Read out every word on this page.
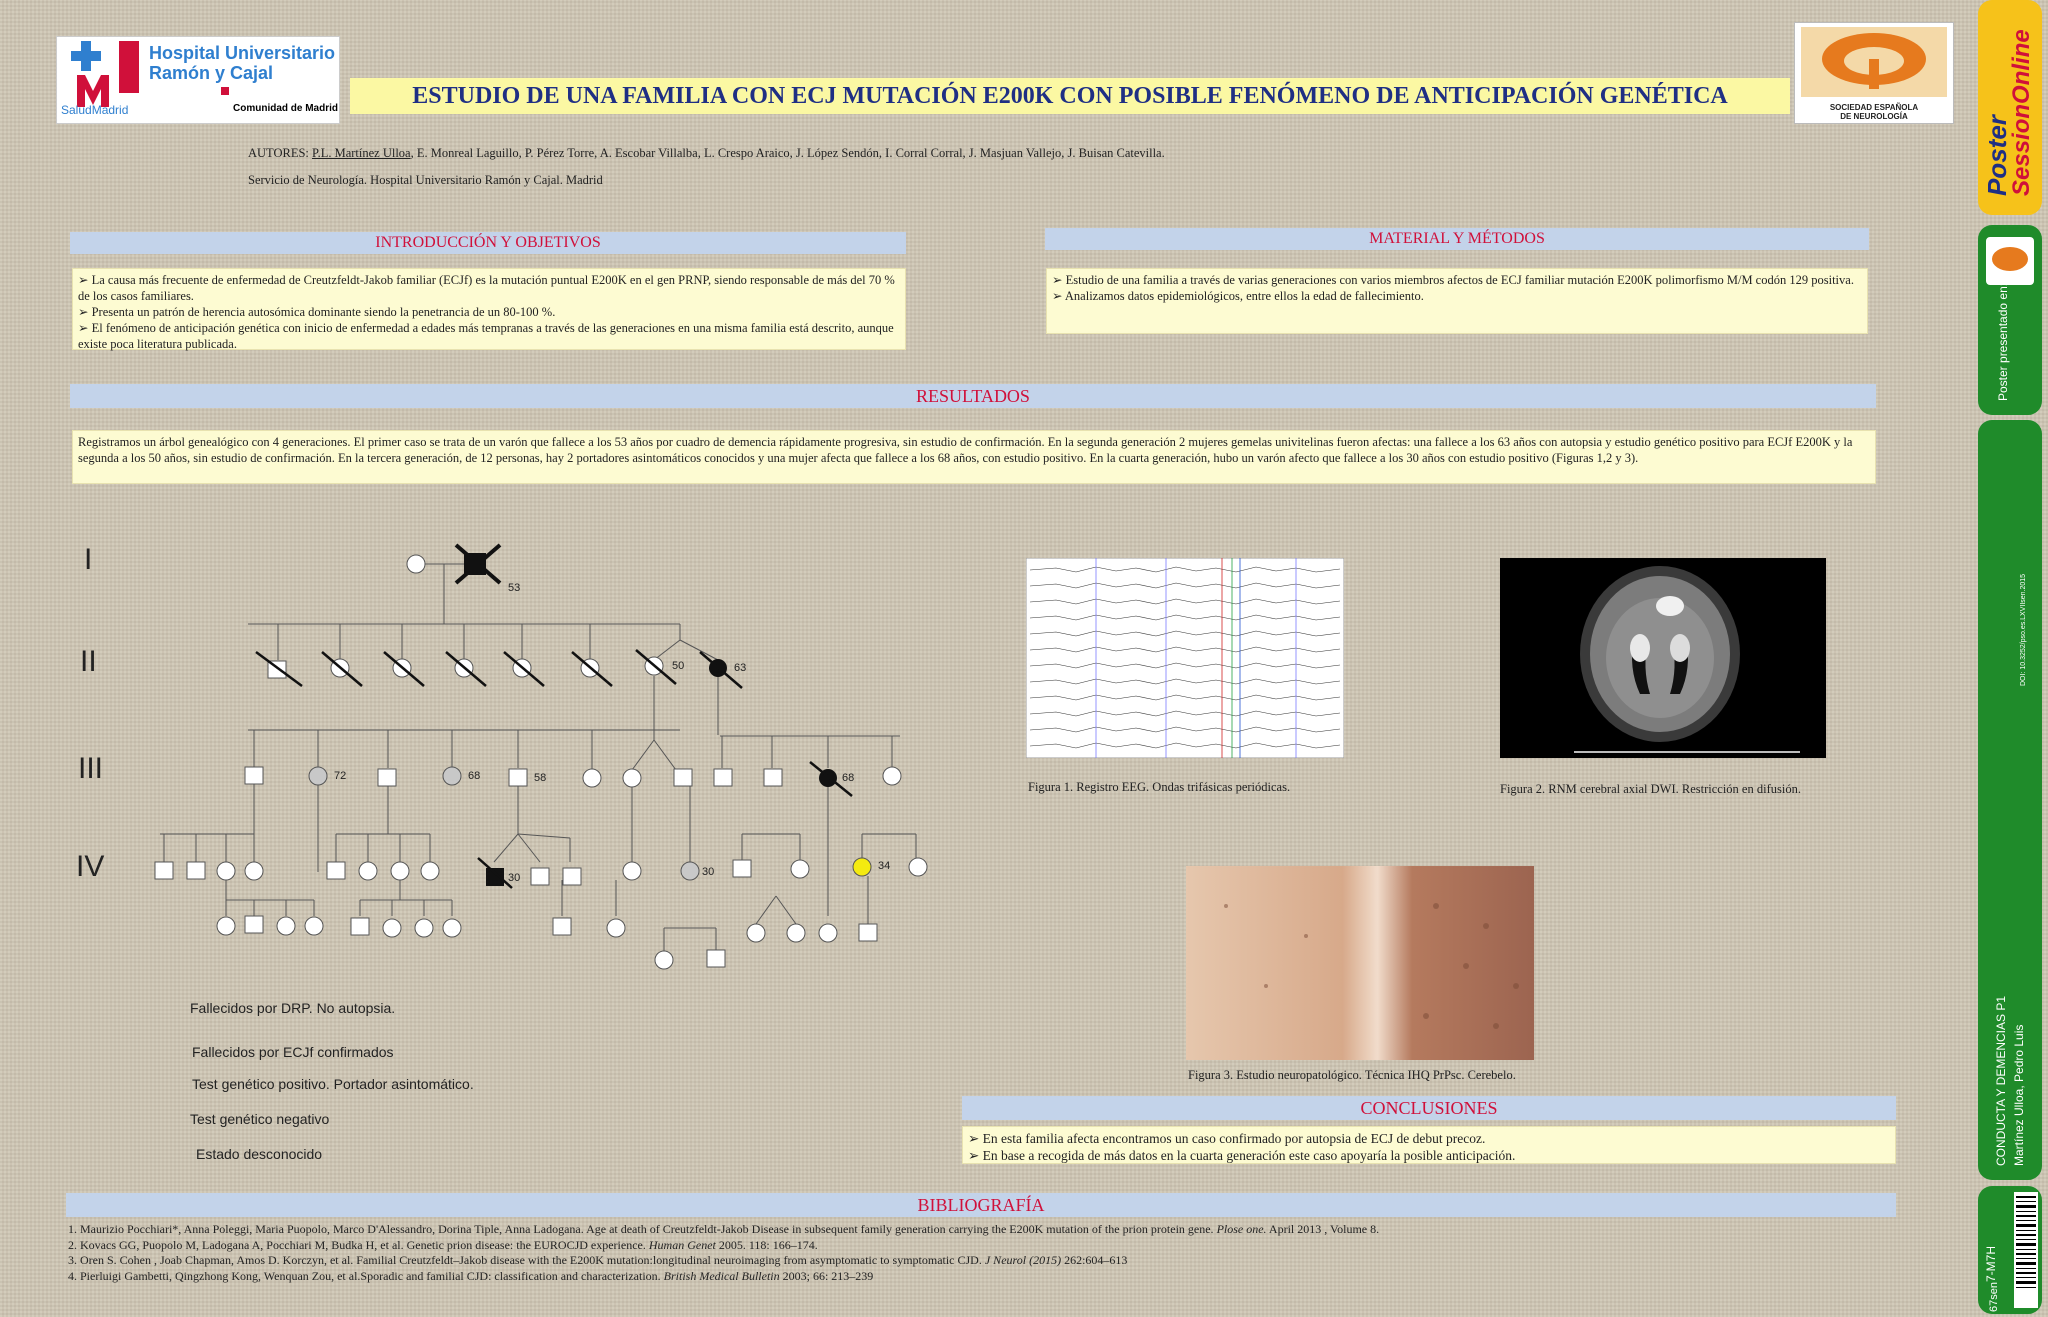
Hospital Universitario
Ramón y Cajal
SaludMadrid	Comunidad de Madrid	ESTUDIO DE UNA FAMILIA CON ECJ MUTACIÓN E200K CON POSIBLE FENÓMENO DE ANTICIPACIÓN GENÉTICA	SOCIEDAD ESPAÑOLA
DE NEUROLOGÍA
AUTORES: P.L. Martínez Ulloa, E. Monreal Laguillo, P. Pérez Torre, A. Escobar Villalba, L. Crespo Araico, J. López Sendón, I. Corral Corral, J. Masjuan Vallejo, J. Buisan Catevilla.
Servicio de Neurología. Hospital Universitario Ramón y Cajal. Madrid
INTRODUCCIÓN Y OBJETIVOS

➢ La causa más frecuente de enfermedad de Creutzfeldt-Jakob familiar (ECJf) es la mutación puntual E200K en el gen PRNP, siendo responsable de más del 70 % de los casos familiares.

➢ Presenta un patrón de herencia autosómica dominante siendo la penetrancia de un 80-100 %.

➢ El fenómeno de anticipación genética con inicio de enfermedad a edades más tempranas a través de las generaciones en una misma familia está descrito, aunque existe poca literatura publicada.

MATERIAL Y MÉTODOS

➢ Estudio de una familia a través de varias generaciones con varios miembros afectos de ECJ familiar mutación E200K polimorfismo M/M codón 129 positiva.

➢ Analizamos datos epidemiológicos, entre ellos la edad de fallecimiento.

RESULTADOS

Registramos un árbol genealógico con 4 generaciones. El primer caso se trata de un varón que fallece a los 53 años por cuadro de demencia rápidamente progresiva, sin estudio de confirmación. En la segunda generación 2 mujeres gemelas univitelinas fueron afectas: una fallece a los 63 años con autopsia y estudio genético positivo para ECJf E200K y la segunda a los 50 años, sin estudio de confirmación. En la tercera generación, de 12 personas, hay 2 portadores asintomáticos conocidos y una mujer afecta que fallece a los 68 años, con estudio positivo. En la cuarta generación, hubo un varón afecto que fallece a los 30 años con estudio positivo (Figuras 1,2 y 3).

I
II
III
IV
53
50	63
72	68	58	68
30	30	34
Fallecidos por DRP. No autopsia.
Fallecidos por ECJf confirmados
Test genético positivo. Portador asintomático.
Test genético negativo
Estado desconocido
Figura 1. Registro EEG. Ondas trifásicas periódicas.	Figura 2. RNM cerebral axial DWI. Restricción en difusión.
Figura 3. Estudio neuropatológico. Técnica IHQ PrPsc. Cerebelo.
CONCLUSIONES

➢ En esta familia afecta encontramos un caso confirmado por autopsia de ECJ de debut precoz.

➢ En base a recogida de más datos en la cuarta generación este caso apoyaría la posible anticipación.

BIBLIOGRAFÍA

1. Maurizio Pocchiari*, Anna Poleggi, Maria Puopolo, Marco D'Alessandro, Dorina Tiple, Anna Ladogana. Age at death of Creutzfeldt-Jakob Disease in subsequent family generation carrying the E200K mutation of the prion protein gene. Plose one. April 2013 , Volume 8.

2. Kovacs GG, Puopolo M, Ladogana A, Pocchiari M, Budka H, et al. Genetic prion disease: the EUROCJD experience. Human Genet 2005. 118: 166–174.

3. Oren S. Cohen , Joab Chapman, Amos D. Korczyn, et al. Familial Creutzfeldt–Jakob disease with the E200K mutation:longitudinal neuroimaging from asymptomatic to symptomatic CJD. J Neurol (2015) 262:604–613

4. Pierluigi Gambetti, Qingzhong Kong, Wenquan Zou, et al.Sporadic and familial CJD: classification and characterization. British Medical Bulletin 2003; 66: 213–239

Poster
SessionOnline
Poster presentado en:
DOI: 10.3252/pso.es.LXVIIsen.2015
CONDUCTA Y DEMENCIAS P1 Martínez Ulloa, Pedro Luis
7-M7H
67sen
